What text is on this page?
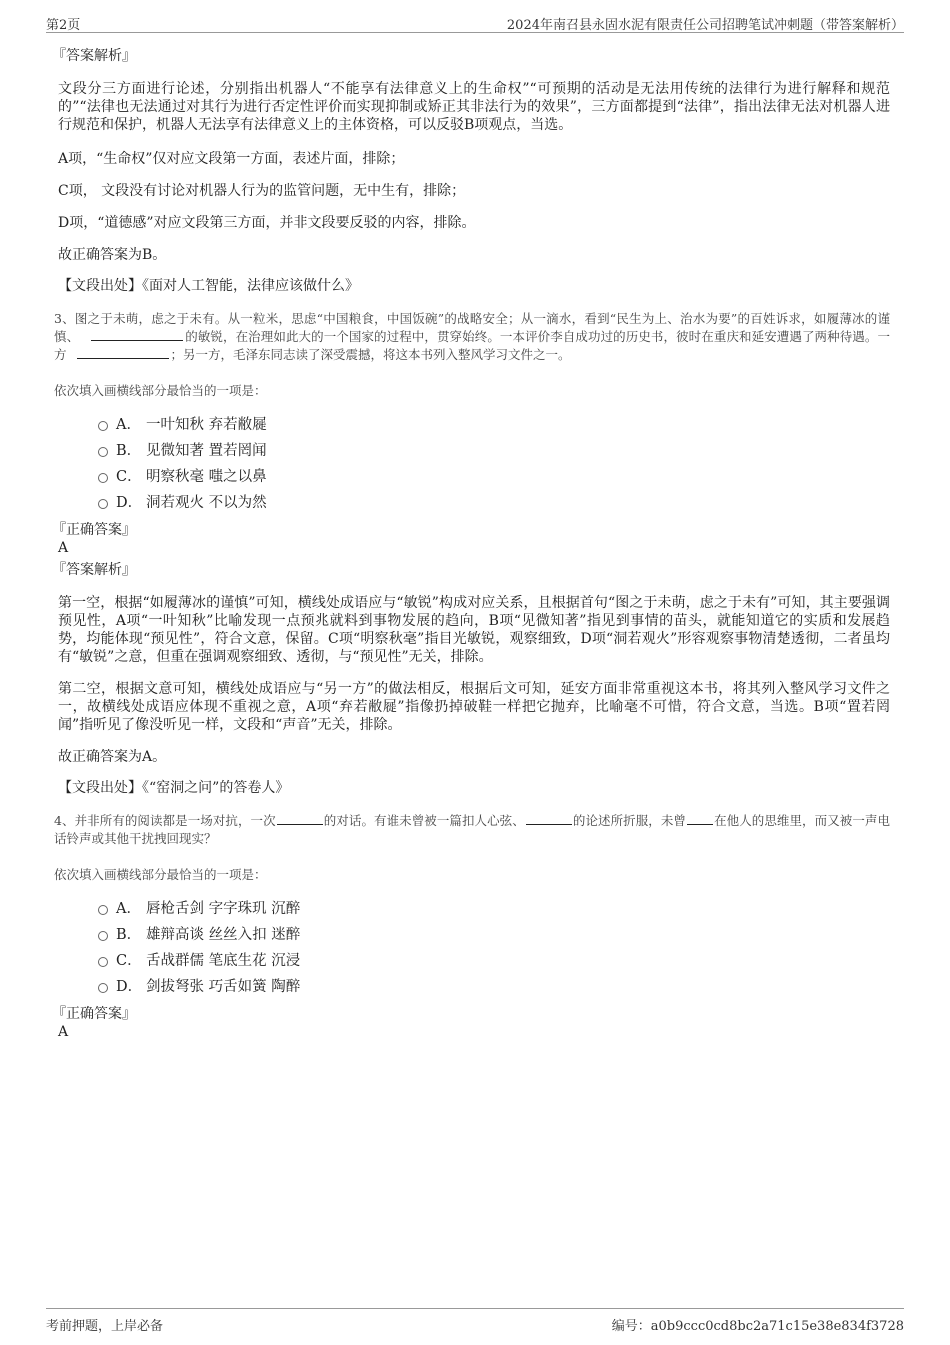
第2页	2024年南召县永固水泥有限责任公司招聘笔试冲刺题（带答案解析）

『答案解析』

文段分三方面进行论述，分别指出机器人“不能享有法律意义上的生命权”“可预期的活动是无法用传统的法律行为进行解释和规范的”“法律也无法通过对其行为进行否定性评价而实现抑制或矫正其非法行为的效果”，三方面都提到“法律”，指出法律无法对机器人进行规范和保护，机器人无法享有法律意义上的主体资格，可以反驳B项观点，当选。

A项，“生命权”仅对应文段第一方面，表述片面，排除；

C项， 文段没有讨论对机器人行为的监管问题，无中生有，排除；

D项，“道德感”对应文段第三方面，并非文段要反驳的内容，排除。

故正确答案为B。

【文段出处】《面对人工智能，法律应该做什么》

3、图之于未萌，虑之于未有。从一粒米，思虑“中国粮食，中国饭碗”的战略安全；从一滴水，看到“民生为上、治水为要”的百姓诉求，如履薄冰的谨慎、	的敏锐，在治理如此大的一个国家的过程中，贯穿始终。一本评价李自成功过的历史书，彼时在重庆和延安遭遇了两种待遇。一方	；另一方，毛泽东同志读了深受震撼，将这本书列入整风学习文件之一。

依次填入画横线部分最恰当的一项是：

A． 一叶知秋 弃若敝屣
B． 见微知著 置若罔闻
C． 明察秋毫 嗤之以鼻
D． 洞若观火 不以为然

『正确答案』

A

『答案解析』

第一空，根据“如履薄冰的谨慎”可知，横线处成语应与“敏锐”构成对应关系，且根据首句“图之于未萌，虑之于未有”可知，其主要强调预见性，A项“一叶知秋”比喻发现一点预兆就料到事物发展的趋向，B项“见微知著”指见到事情的苗头，就能知道它的实质和发展趋势，均能体现“预见性”，符合文意，保留。C项“明察秋毫”指目光敏锐，观察细致，D项“洞若观火”形容观察事物清楚透彻，二者虽均有“敏锐”之意，但重在强调观察细致、透彻，与“预见性”无关，排除。

第二空，根据文意可知，横线处成语应与“另一方”的做法相反，根据后文可知，延安方面非常重视这本书，将其列入整风学习文件之一，故横线处成语应体现不重视之意，A项“弃若敝屣”指像扔掉破鞋一样把它抛弃，比喻毫不可惜，符合文意，当选。B项“置若罔闻”指听见了像没听见一样，文段和“声音”无关，排除。

故正确答案为A。

【文段出处】《“窑洞之问”的答卷人》

4、并非所有的阅读都是一场对抗，一次	的对话。有谁未曾被一篇扣人心弦、	的论述所折服，未曾 在他人的思维里，而又被一声电话铃声或其他干扰拽回现实？

依次填入画横线部分最恰当的一项是：

A． 唇枪舌剑 字字珠玑 沉醉
B． 雄辩高谈 丝丝入扣 迷醉
C． 舌战群儒 笔底生花 沉浸
D． 剑拔弩张 巧舌如簧 陶醉

『正确答案』

A

考前押题，上岸必备	编号：a0b9ccc0cd8bc2a71c15e38e834f3728
